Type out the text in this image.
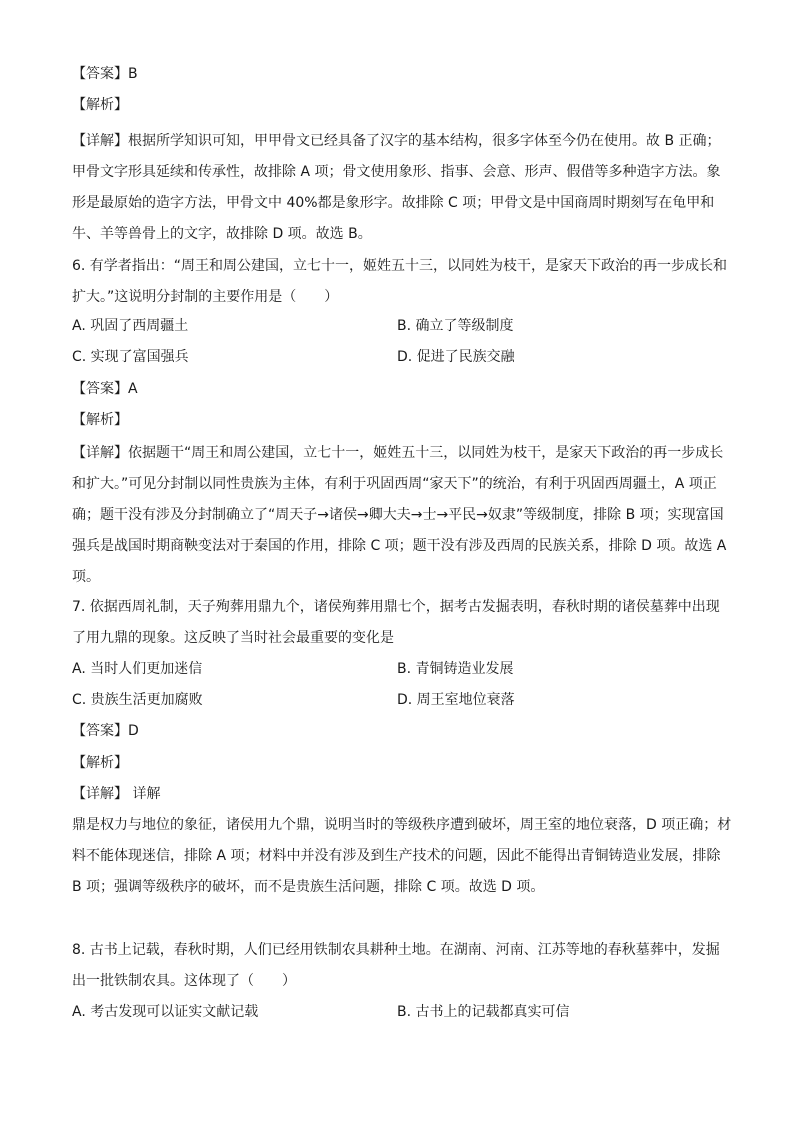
【答案】B
【解析】
【详解】根据所学知识可知，甲甲骨文已经具备了汉字的基本结构，很多字体至今仍在使用。故 B 正确；甲骨文字形具延续和传承性，故排除 A 项；骨文使用象形、指事、会意、形声、假借等多种造字方法。象形是最原始的造字方法，甲骨文中 40%都是象形字。故排除 C 项；甲骨文是中国商周时期刻写在龟甲和牛、羊等兽骨上的文字，故排除 D 项。故选 B。
6. 有学者指出：“周王和周公建国，立七十一，姬姓五十三，以同姓为枝干，是家天下政治的再一步成长和扩大。”这说明分封制的主要作用是（　　）
A. 巩固了西周疆土	B. 确立了等级制度
C. 实现了富国强兵	D. 促进了民族交融
【答案】A
【解析】
【详解】依据题干“周王和周公建国，立七十一，姬姓五十三，以同姓为枝干，是家天下政治的再一步成长和扩大。”可见分封制以同性贵族为主体，有利于巩固西周“家天下”的统治，有利于巩固西周疆土，A 项正确；题干没有涉及分封制确立了“周天子→诸侯→卿大夫→士→平民→奴隶”等级制度，排除 B 项；实现富国强兵是战国时期商鞅变法对于秦国的作用，排除 C 项；题干没有涉及西周的民族关系，排除 D 项。故选 A 项。
7. 依据西周礼制，天子殉葬用鼎九个，诸侯殉葬用鼎七个，据考古发掘表明，春秋时期的诸侯墓葬中出现了用九鼎的现象。这反映了当时社会最重要的变化是
A. 当时人们更加迷信	B. 青铜铸造业发展
C. 贵族生活更加腐败	D. 周王室地位衰落
【答案】D
【解析】
【详解】 详解
鼎是权力与地位的象征，诸侯用九个鼎，说明当时的等级秩序遭到破坏，周王室的地位衰落，D 项正确；材料不能体现迷信，排除 A 项；材料中并没有涉及到生产技术的问题，因此不能得出青铜铸造业发展，排除 B 项；强调等级秩序的破坏，而不是贵族生活问题，排除 C 项。故选 D 项。
8. 古书上记载，春秋时期，人们已经用铁制农具耕种土地。在湖南、河南、江苏等地的春秋墓葬中，发掘出一批铁制农具。这体现了（　　）
A. 考古发现可以证实文献记载	B. 古书上的记载都真实可信
